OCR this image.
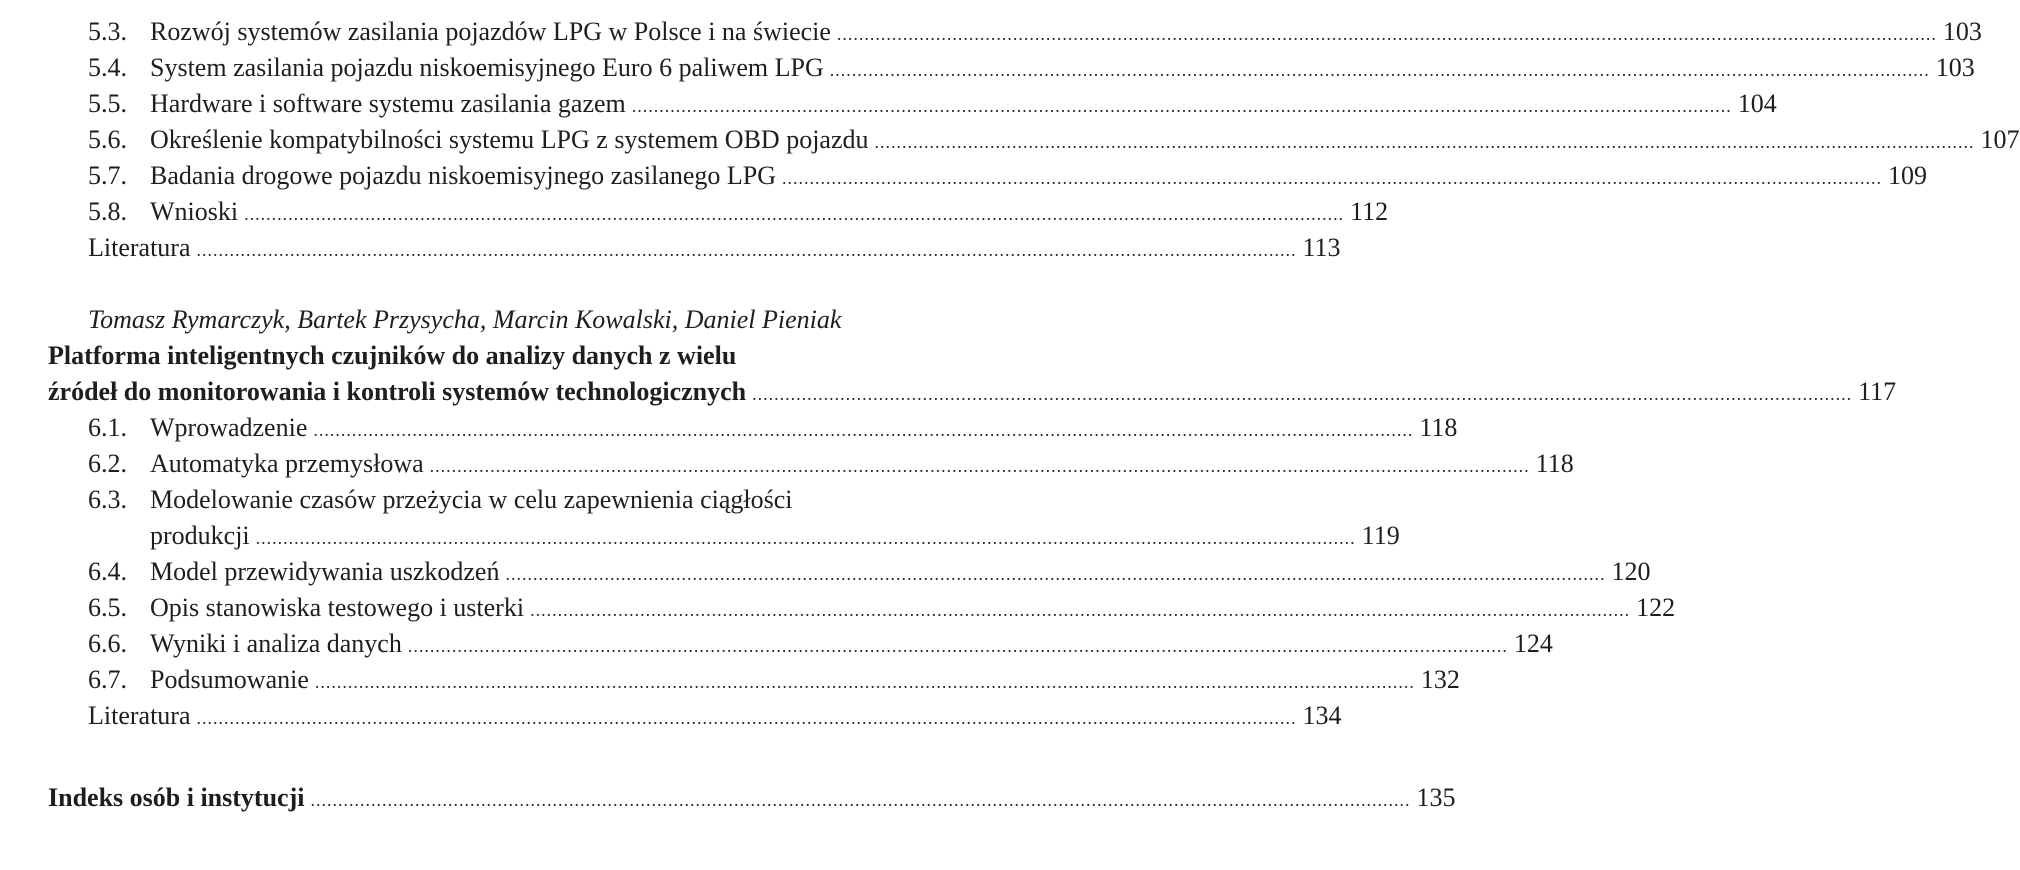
5.3. Rozwój systemów zasilania pojazdów LPG w Polsce i na świecie ........................................................................................................................................................................................................ 103
5.4. System zasilania pojazdu niskoemisyjnego Euro 6 paliwem LPG ........................................................................................................................................................................................................ 103
5.5. Hardware i software systemu zasilania gazem ........................................................................................................................................................................................................ 104
5.6. Określenie kompatybilności systemu LPG z systemem OBD pojazdu ........................................................................................................................................................................................................ 107
5.7. Badania drogowe pojazdu niskoemisyjnego zasilanego LPG ........................................................................................................................................................................................................ 109
5.8. Wnioski ........................................................................................................................................................................................................ 112
Literatura ........................................................................................................................................................................................................ 113
Tomasz Rymarczyk, Bartek Przysycha, Marcin Kowalski, Daniel Pieniak
Platforma inteligentnych czujników do analizy danych z wielu
źródeł do monitorowania i kontroli systemów technologicznych ........................................................................................................................................................................................................ 117
6.1. Wprowadzenie ........................................................................................................................................................................................................ 118
6.2. Automatyka przemysłowa ........................................................................................................................................................................................................ 118
6.3. Modelowanie czasów przeżycia w celu zapewnienia ciągłości
produkcji ........................................................................................................................................................................................................ 119
6.4. Model przewidywania uszkodzeń ........................................................................................................................................................................................................ 120
6.5. Opis stanowiska testowego i usterki ........................................................................................................................................................................................................ 122
6.6. Wyniki i analiza danych ........................................................................................................................................................................................................ 124
6.7. Podsumowanie ........................................................................................................................................................................................................ 132
Literatura ........................................................................................................................................................................................................ 134
Indeks osób i instytucji ........................................................................................................................................................................................................ 135
